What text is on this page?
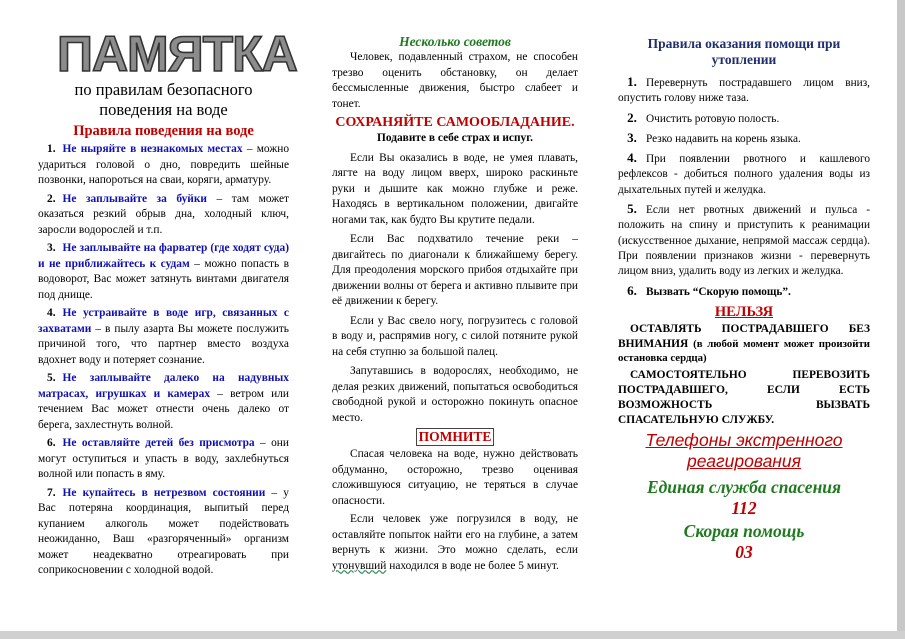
ПАМЯТКА
по правилам безопасного поведения на воде
Правила поведения на воде

1. Не ныряйте в незнакомых местах – можно удариться головой о дно, повредить шейные позвонки, напороться на сваи, коряги, арматуру.

2. Не заплывайте за буйки – там может оказаться резкий обрыв дна, холодный ключ, заросли водорослей и т.п.

3. Не заплывайте на фарватер (где ходят суда) и не приближайтесь к судам – можно попасть в водоворот, Вас может затянуть винтами двигателя под днище.

4. Не устраивайте в воде игр, связанных с захватами – в пылу азарта Вы можете послужить причиной того, что партнер вместо воздуха вдохнет воду и потеряет сознание.

5. Не заплывайте далеко на надувных матрасах, игрушках и камерах – ветром или течением Вас может отнести очень далеко от берега, захлестнуть волной.

6. Не оставляйте детей без присмотра – они могут оступиться и упасть в воду, захлебнуться волной или попасть в яму.

7. Не купайтесь в нетрезвом состоянии – у Вас потеряна координация, выпитый перед купанием алкоголь может подействовать неожиданно, Ваш «разгоряченный» организм может неадекватно отреагировать при соприкосновении с холодной водой.

Несколько советов

Человек, подавленный страхом, не способен трезво оценить обстановку, он делает бессмысленные движения, быстро слабеет и тонет.

СОХРАНЯЙТЕ САМООБЛАДАНИЕ.
Подавите в себе страх и испуг.

Если Вы оказались в воде, не умея плавать, лягте на воду лицом вверх, широко раскиньте руки и дышите как можно глубже и реже. Находясь в вертикальном положении, двигайте ногами так, как будто Вы крутите педали.

Если Вас подхватило течение реки – двигайтесь по диагонали к ближайшему берегу. Для преодоления морского прибоя отдыхайте при движении волны от берега и активно плывите при её движении к берегу.

Если у Вас свело ногу, погрузитесь с головой в воду и, распрямив ногу, с силой потяните рукой на себя ступню за большой палец.

Запутавшись в водорослях, необходимо, не делая резких движений, попытаться освободиться свободной рукой и осторожно покинуть опасное место.

ПОМНИТЕ

Спасая человека на воде, нужно действовать обдуманно, осторожно, трезво оценивая сложившуюся ситуацию, не теряться в случае опасности.

Если человек уже погрузился в воду, не оставляйте попыток найти его на глубине, а затем вернуть к жизни. Это можно сделать, если утонувший находился в воде не более 5 минут.

Правила оказания помощи при утоплении

1. Перевернуть пострадавшего лицом вниз, опустить голову ниже таза.

2. Очистить ротовую полость.

3. Резко надавить на корень языка.

4. При появлении рвотного и кашлевого рефлексов - добиться полного удаления воды из дыхательных путей и желудка.

5. Если нет рвотных движений и пульса - положить на спину и приступить к реанимации (искусственное дыхание, непрямой массаж сердца). При появлении признаков жизни - перевернуть лицом вниз, удалить воду из легких и желудка.

6. Вызвать “Скорую помощь”.

НЕЛЬЗЯ

ОСТАВЛЯТЬ ПОСТРАДАВШЕГО БЕЗ ВНИМАНИЯ (в любой момент может произойти остановка сердца)

САМОСТОЯТЕЛЬНО ПЕРЕВОЗИТЬ ПОСТРАДАВШЕГО, ЕСЛИ ЕСТЬ ВОЗМОЖНОСТЬ ВЫЗВАТЬ СПАСАТЕЛЬНУЮ СЛУЖБУ.

Телефоны экстренного реагирования
Единая служба спасения
112
Скорая помощь
03
